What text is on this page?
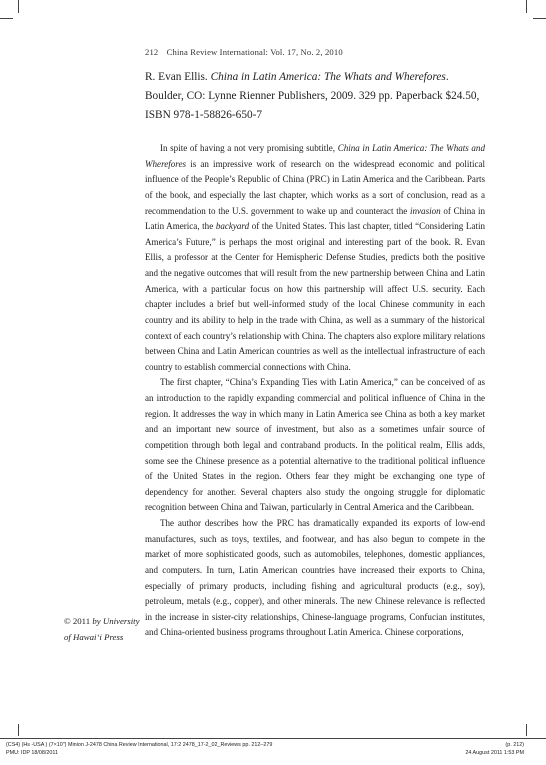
212 China Review International: Vol. 17, No. 2, 2010
R. Evan Ellis. China in Latin America: The Whats and Wherefores. Boulder, CO: Lynne Rienner Publishers, 2009. 329 pp. Paperback $24.50, ISBN 978-1-58826-650-7

In spite of having a not very promising subtitle, China in Latin America: The Whats and Wherefores is an impressive work of research on the widespread economic and political influence of the People’s Republic of China (PRC) in Latin America and the Caribbean. Parts of the book, and especially the last chapter, which works as a sort of conclusion, read as a recommendation to the U.S. government to wake up and counteract the invasion of China in Latin America, the backyard of the United States. This last chapter, titled “Considering Latin America’s Future,” is perhaps the most original and interesting part of the book. R. Evan Ellis, a professor at the Center for Hemispheric Defense Studies, predicts both the positive and the negative outcomes that will result from the new partnership between China and Latin America, with a particular focus on how this partnership will affect U.S. security. Each chapter includes a brief but well-informed study of the local Chinese community in each country and its ability to help in the trade with China, as well as a summary of the historical context of each country’s relationship with China. The chapters also explore military relations between China and Latin American countries as well as the intellectual infrastructure of each country to establish commercial connections with China.

The first chapter, “China’s Expanding Ties with Latin America,” can be conceived of as an introduction to the rapidly expanding commercial and political influence of China in the region. It addresses the way in which many in Latin America see China as both a key market and an important new source of investment, but also as a sometimes unfair source of competition through both legal and contraband products. In the political realm, Ellis adds, some see the Chinese presence as a potential alternative to the traditional political influence of the United States in the region. Others fear they might be exchanging one type of dependency for another. Several chapters also study the ongoing struggle for diplomatic recognition between China and Taiwan, particularly in Central America and the Caribbean.

The author describes how the PRC has dramatically expanded its exports of low-end manufactures, such as toys, textiles, and footwear, and has also begun to compete in the market of more sophisticated goods, such as automobiles, telephones, domestic appliances, and computers. In turn, Latin American countries have increased their exports to China, especially of primary products, including fishing and agricultural products (e.g., soy), petroleum, metals (e.g., copper), and other minerals. The new Chinese relevance is reflected in the increase in sister-city relationships, Chinese-language programs, Confucian institutes, and China-oriented business programs throughout Latin America. Chinese corporations,

© 2011 by University
of Hawai‘i Press
(CS4) (Hs -USA ) (7×10") Minion J-2478 China Review International, 17:2 2478_17-2_02_Reviews pp. 212–279	(p. 212)
PMU: IDP 18/08/2011	24 August 2011 1:53 PM
